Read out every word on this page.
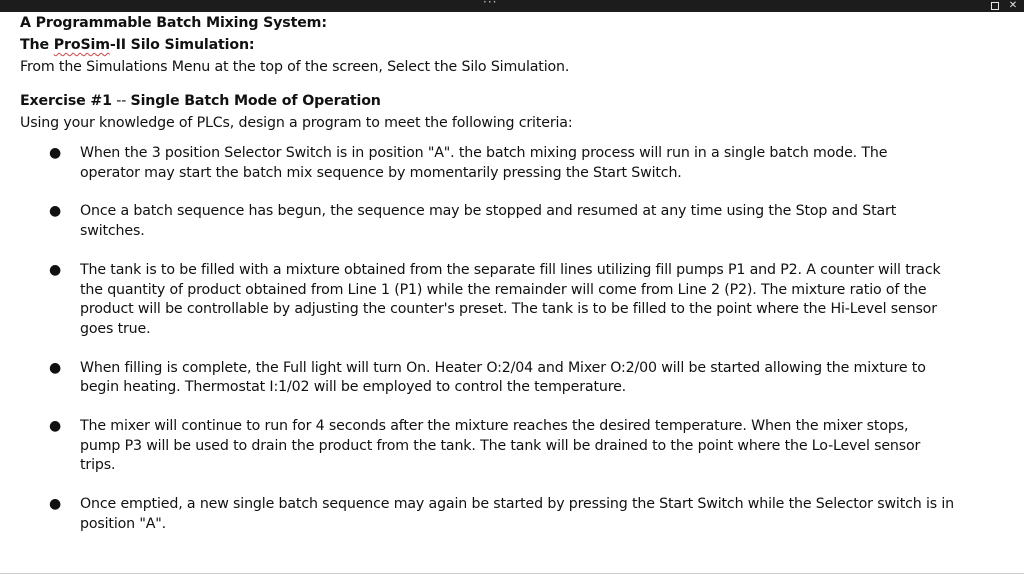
···	✕
A Programmable Batch Mixing System:
The ProSim-II Silo Simulation:
From the Simulations Menu at the top of the screen, Select the Silo Simulation.
Exercise #1 -- Single Batch Mode of Operation
Using your knowledge of PLCs, design a program to meet the following criteria:
● When the 3 position Selector Switch is in position "A". the batch mixing process will run in a single batch mode. The
operator may start the batch mix sequence by momentarily pressing the Start Switch.
● Once a batch sequence has begun, the sequence may be stopped and resumed at any time using the Stop and Start
switches.
● The tank is to be filled with a mixture obtained from the separate fill lines utilizing fill pumps P1 and P2. A counter will track
the quantity of product obtained from Line 1 (P1) while the remainder will come from Line 2 (P2). The mixture ratio of the
product will be controllable by adjusting the counter's preset. The tank is to be filled to the point where the Hi-Level sensor
goes true.
● When filling is complete, the Full light will turn On. Heater O:2/04 and Mixer O:2/00 will be started allowing the mixture to
begin heating. Thermostat I:1/02 will be employed to control the temperature.
● The mixer will continue to run for 4 seconds after the mixture reaches the desired temperature. When the mixer stops,
pump P3 will be used to drain the product from the tank. The tank will be drained to the point where the Lo-Level sensor
trips.
● Once emptied, a new single batch sequence may again be started by pressing the Start Switch while the Selector switch is in
position "A".
